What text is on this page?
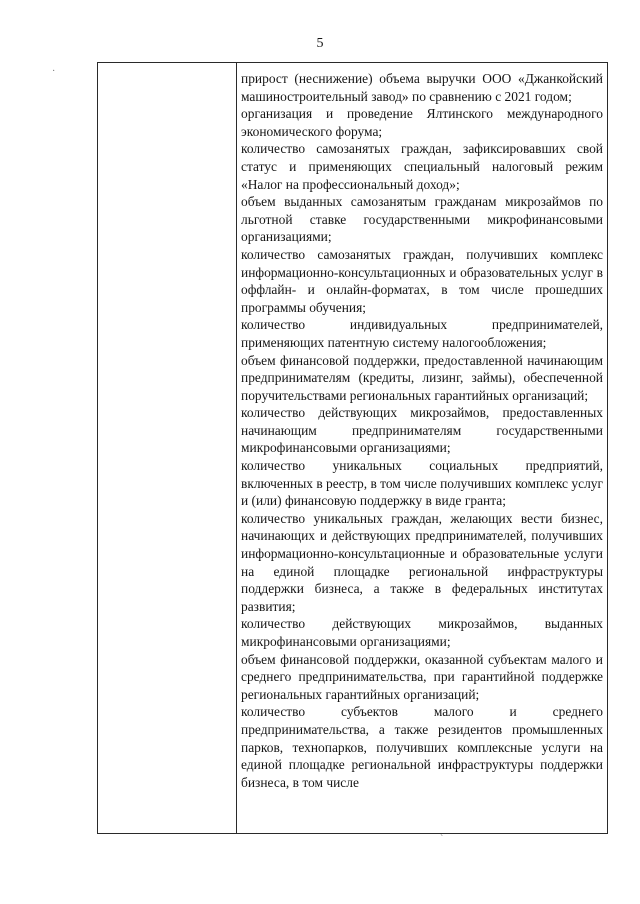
5
·
`

прирост (неснижение) объема выручки ООО «Джанкойский машиностроительный завод» по сравнению с 2021 годом;

организация и проведение Ялтинского международного экономического форума;

количество самозанятых граждан, зафиксировавших свой статус и применяющих специальный налоговый режим «Налог на профессиональный доход»;

объем выданных самозанятым гражданам микрозаймов по льготной ставке государственными микрофинансовыми организациями;

количество самозанятых граждан, получивших комплекс информационно-консультационных и образовательных услуг в оффлайн- и онлайн-форматах, в том числе прошедших программы обучения;

количество индивидуальных предпринимателей, применяющих патентную систему налогообложения;

объем финансовой поддержки, предоставленной начинающим предпринимателям (кредиты, лизинг, займы), обеспеченной поручительствами региональных гарантийных организаций;

количество действующих микрозаймов, предоставленных начинающим предпринимателям государственными микрофинансовыми организациями;

количество уникальных социальных предприятий, включенных в реестр, в том числе получивших комплекс услуг и (или) финансовую поддержку в виде гранта;

количество уникальных граждан, желающих вести бизнес, начинающих и действующих предпринимателей, получивших информационно-консультационные и образовательные услуги на единой площадке региональной инфраструктуры поддержки бизнеса, а также в федеральных институтах развития;

количество действующих микрозаймов, выданных микрофинансовыми организациями;

объем финансовой поддержки, оказанной субъектам малого и среднего предпринимательства, при гарантийной поддержке региональных гарантийных организаций;

количество субъектов малого и среднего предпринимательства, а также резидентов промышленных парков, технопарков, получивших комплексные услуги на единой площадке региональной инфраструктуры поддержки бизнеса, в том числе
